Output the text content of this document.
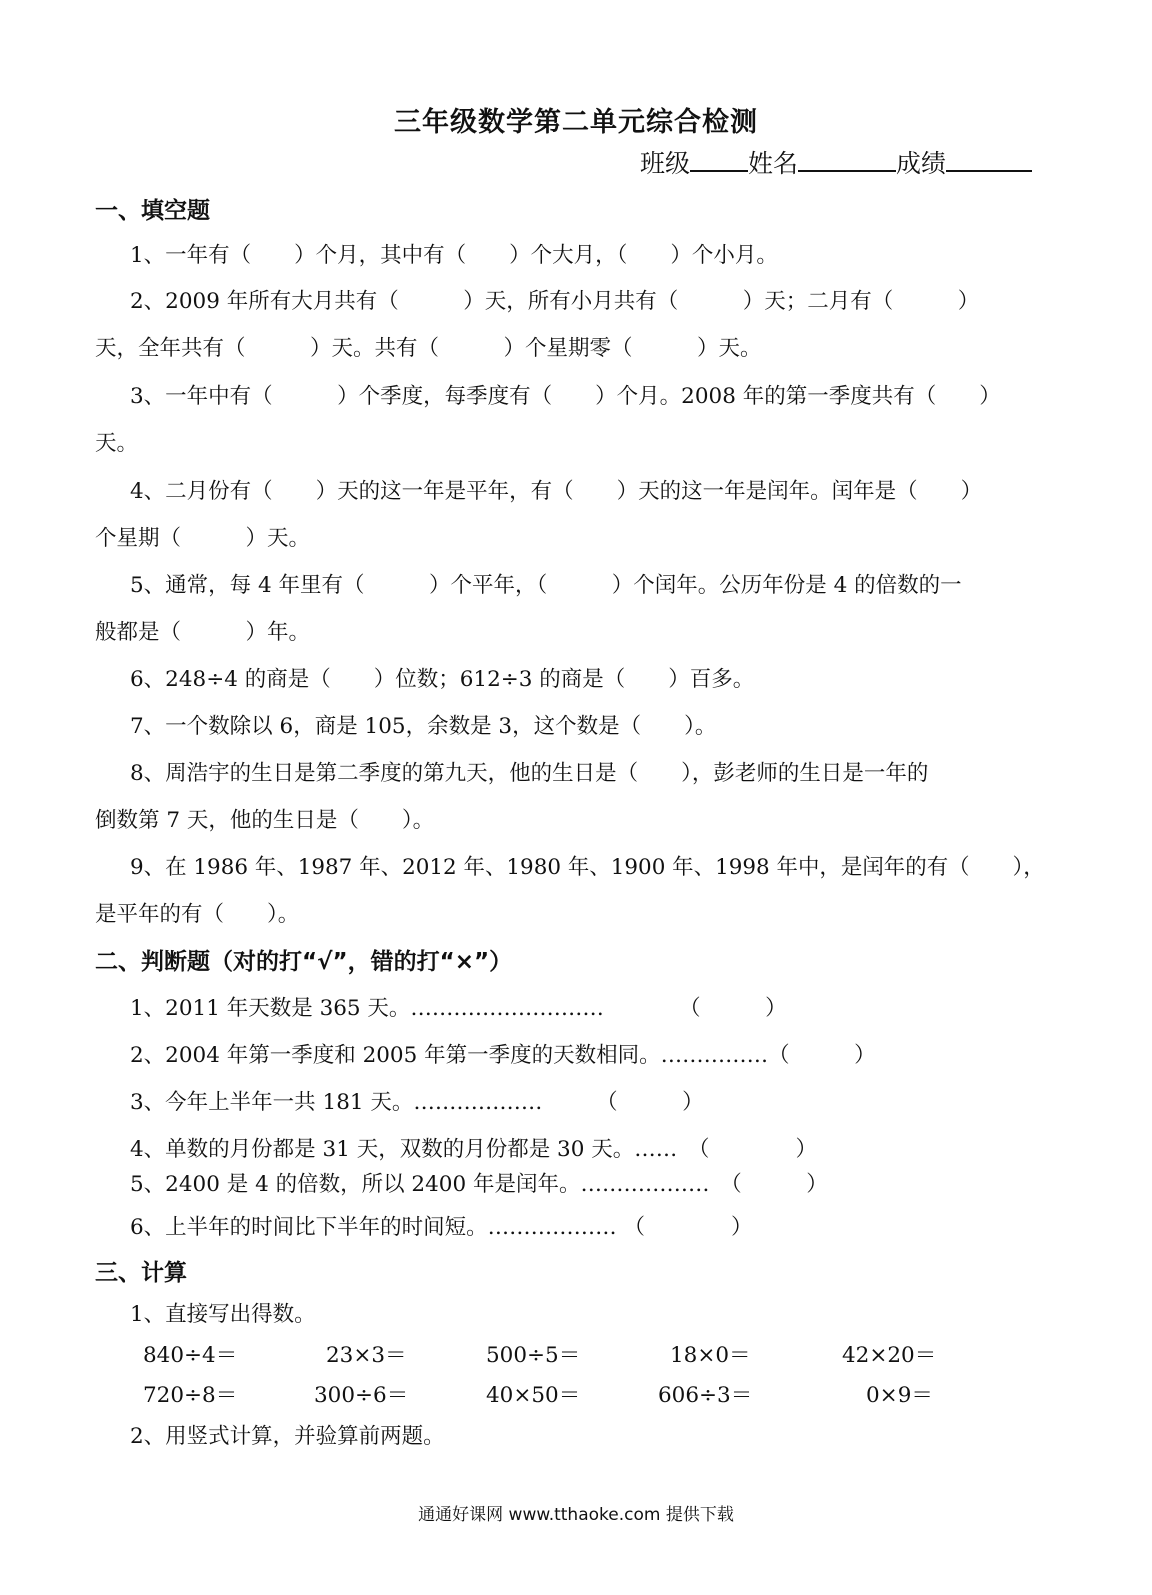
三年级数学第二单元综合检测
班级 姓名	成绩
一、填空题
1、一年有（　　）个月，其中有（　　）个大月，（　　）个小月。
2、2009 年所有大月共有（　　　）天，所有小月共有（　　　）天；二月有（　　　）
天，全年共有（　　　）天。共有（　　　）个星期零（　　　）天。
3、一年中有（　　　）个季度，每季度有（　　）个月。2008 年的第一季度共有（　　）
天。
4、二月份有（　　）天的这一年是平年，有（　　）天的这一年是闰年。闰年是（　　）
个星期（　　　）天。
5、通常，每 4 年里有（　　　）个平年，（　　　）个闰年。公历年份是 4 的倍数的一
般都是（　　　）年。
6、248÷4 的商是（　　）位数；612÷3 的商是（　　）百多。
7、一个数除以 6，商是 105，余数是 3，这个数是（　　）。
8、周浩宇的生日是第二季度的第九天，他的生日是（　　），彭老师的生日是一年的
倒数第 7 天，他的生日是（　　）。
9、在 1986 年、1987 年、2012 年、1980 年、1900 年、1998 年中，是闰年的有（　　），
是平年的有（　　）。
二、判断题（对的打“√”，错的打“×”）
1、2011 年天数是 365 天。………………………　　　　（　　　）
2、2004 年第一季度和 2005 年第一季度的天数相同。……………（　　　）
3、今年上半年一共 181 天。………………　　　（　　　）
4、单数的月份都是 31 天，双数的月份都是 30 天。……　（　　　　）
5、2400 是 4 的倍数，所以 2400 年是闰年。………………　（　　　）
6、上半年的时间比下半年的时间短。……………… （　　　　）
三、计算
1、直接写出得数。
840÷4＝	23×3＝	500÷5＝	18×0＝	42×20＝
720÷8＝	300÷6＝	40×50＝	606÷3＝	0×9＝
2、用竖式计算，并验算前两题。
通通好课网 www.tthaoke.com 提供下载
